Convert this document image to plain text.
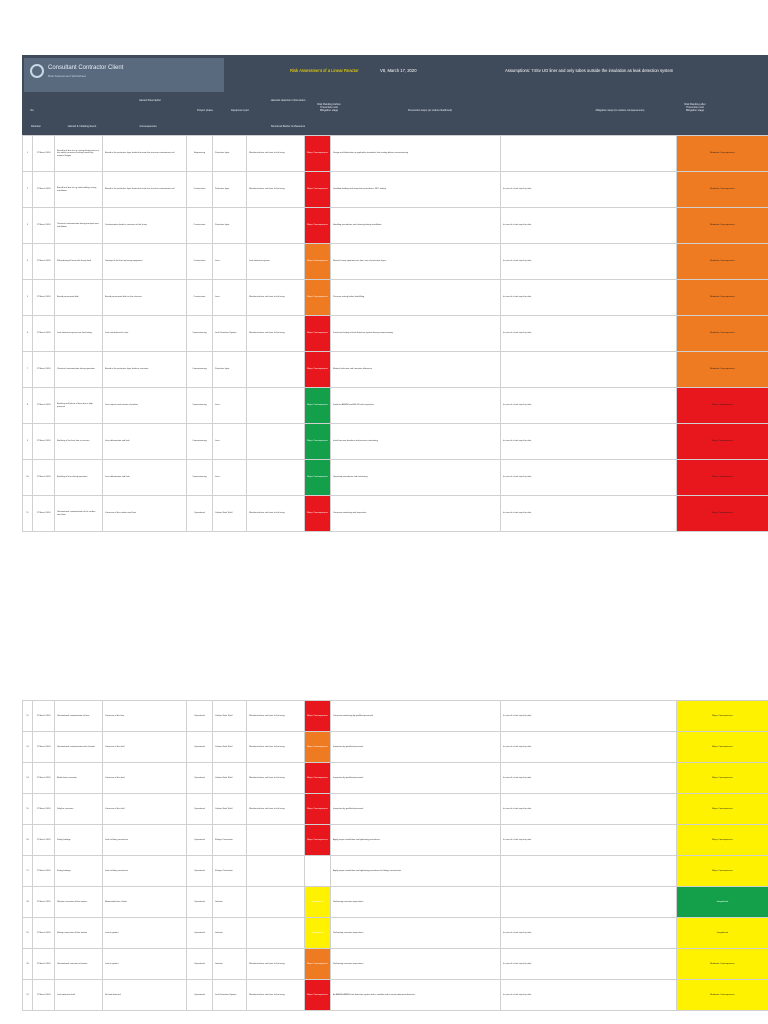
Consultant Contractor Client
Risk Assessment Worksheet
Risk Assessment of a Linear Reactor	V8, March 17, 2020	Assumptions: 74Sv UO liner and only tubes outside the insulation as leak detection system
No
Revision
Hazard Description
Hazard & Initiating Event	Consequences
Project phase	Equipment part
Hazards detection Information
Structural Barrier & Measures
Risk Ranking before Prevention and Mitigation stage	Prevention steps (to reduce likelihood)	Mitigation steps (to reduce consequences)
Risk Ranking after Prevention and Mitigation stage
1	17 March 2020	Buried leak due to e.g. wrong design,stress in the welds,corrosion,cracking caused by material fatigue	Buried in the protective layer leads that wrote the structure contaminate soil	Engineering	Protective layer	Weather/surface soil close to the lining	Major Consequences	Design and fabrication to applicable standards, leak testing before commissioning		Moderate Consequences
2	17 March 2020	Buried leak due to e.g. bad welding, wrong installation	Buried in the protective layer leads that wrote the structure contaminate soil	Construction	Protective layer	Weather/surface soil close to the lining	Major Consequences	Qualified welding and inspection procedures, NDT testing	In case of a leak stop the plant	Moderate Consequences
3	17 March 2020	Chemical contamination during transport and installation	Contamination leads to corrosion of the lining	Construction	Protective layer		Major Consequences	Handling procedures and cleaning during installation	In case of a leak stop the plant	Moderate Consequences
4	17 March 2020	Filling during fill area with heavy load	Damage of the liner by heavy equipment	Construction	Liner	Leak detection system	Major Consequences	Restrict heavy equipment on liner, use of protective layers	In case of a leak stop the plant	Moderate Consequences
5	17 March 2020	Buried pressurized leak	Buried pressurized leak on the structure	Construction	Liner	Weather/surface soil close to the lining	Major Consequences	Pressure testing before backfilling	In case of a leak stop the plant	Moderate Consequences
6	17 March 2020	Leak detection system not functioning	Leak not detected in time	Commissioning	Leak Detection System	Weather/surface soil close to the lining	Major Consequences	Functional testing of leak detection system during commissioning	In case of a leak stop the plant	Moderate Consequences
7	17 March 2020	Chemical contamination during operation	Buried in the protective layer leads to corrosion	Commissioning	Protective layer		Major Consequences	Material selection and corrosion allowance		Moderate Consequences
8	17 March 2020	Buckling and failure of liner due to high pressure	Liner rupture and release of product	Commissioning	Liner		Major Consequences	Install an AMMSI and EH-VR with inspection	In case of a leak stop the plant	Major Consequences
9	17 March 2020	Buckling of the liner due to vacuum	Liner deformation and leak	Commissioning	Liner		Major Consequences	Install vacuum breakers and pressure monitoring	In case of a leak stop the plant	Major Consequences
10	17 March 2020	Buckling of liner during operation	Liner deformation and leak	Commissioning	Liner		Major Consequences	Operating procedures and monitoring	In case of a leak stop the plant	Major Consequences
11	17 March 2020	Unintentional contamination of the carbon steel liner	Corrosion of the carbon steel liner	Operational	Carbon Steel Shell	Weather/surface soil close to the lining	Major Consequences	Corrosion monitoring and inspection	In case of a leak stop the plant	Major Consequences
12	17 March 2020	Unintentional contamination of liner	Corrosion of the liner	Operational	Carbon Steel Shell	Weather/surface soil close to the lining	Major Consequences	Corrosion monitoring by qualified personnel	In case of a leak stop the plant	Major Consequences
13	17 March 2020	Unintentional contamination with chloride	Corrosion of the shell	Operational	Carbon Steel Shell	Weather/surface soil close to the lining	Major Consequences	Inspection by qualified personnel	In case of a leak stop the plant	Major Consequences
14	17 March 2020	Metal dusts corrosion	Corrosion of the shell	Operational	Carbon Steel Shell	Weather/surface soil close to the lining	Major Consequences	Inspection by qualified personnel	In case of a leak stop the plant	Major Consequences
15	17 March 2020	Sulphur corrosion	Corrosion of the shell	Operational	Carbon Steel Shell	Weather/surface soil close to the lining	Major Consequences	Inspection by qualified personnel	In case of a leak stop the plant	Major Consequences
16	17 March 2020	Fitting leakage	Leak at fitting connection	Operational	Fittings Connection		Major Consequences	Apply proper installation and tightening procedures	In case of a leak stop the plant	Major Consequences
17	17 March 2020	Fitting leakage	Leak at fitting connection	Operational	Fittings Connection			Apply proper installation and tightening procedures for fittings connections		Major Consequences
18	17 March 2020	Relative corrosion of flow meters	Measurable loss of leak	Operational	Gaskets		Insignificant	Performing corrosion inspections		Insignificant
19	17 March 2020	Wrong connection of flow meters	Leak in gasket	Operational	Gaskets		Insignificant	Performing corrosion inspections	In case of a leak stop the plant	Insignificant
20	17 March 2020	Unintentional corrosion of interior	Leak in gasket	Operational	Gaskets	Weather/surface soil close to the lining	Major Consequences	Performing corrosion inspections	In case of a leak stop the plant	Moderate Consequences
21	17 March 2020	Leak detection fault	No leak detected	Operational	Leak Detection System	Weather/surface soil close to the lining	Major Consequences	An AMMSI-AMMS leak detection system with a suitable and accurate abnormal detection	In case of a leak stop the plant	Moderate Consequences
